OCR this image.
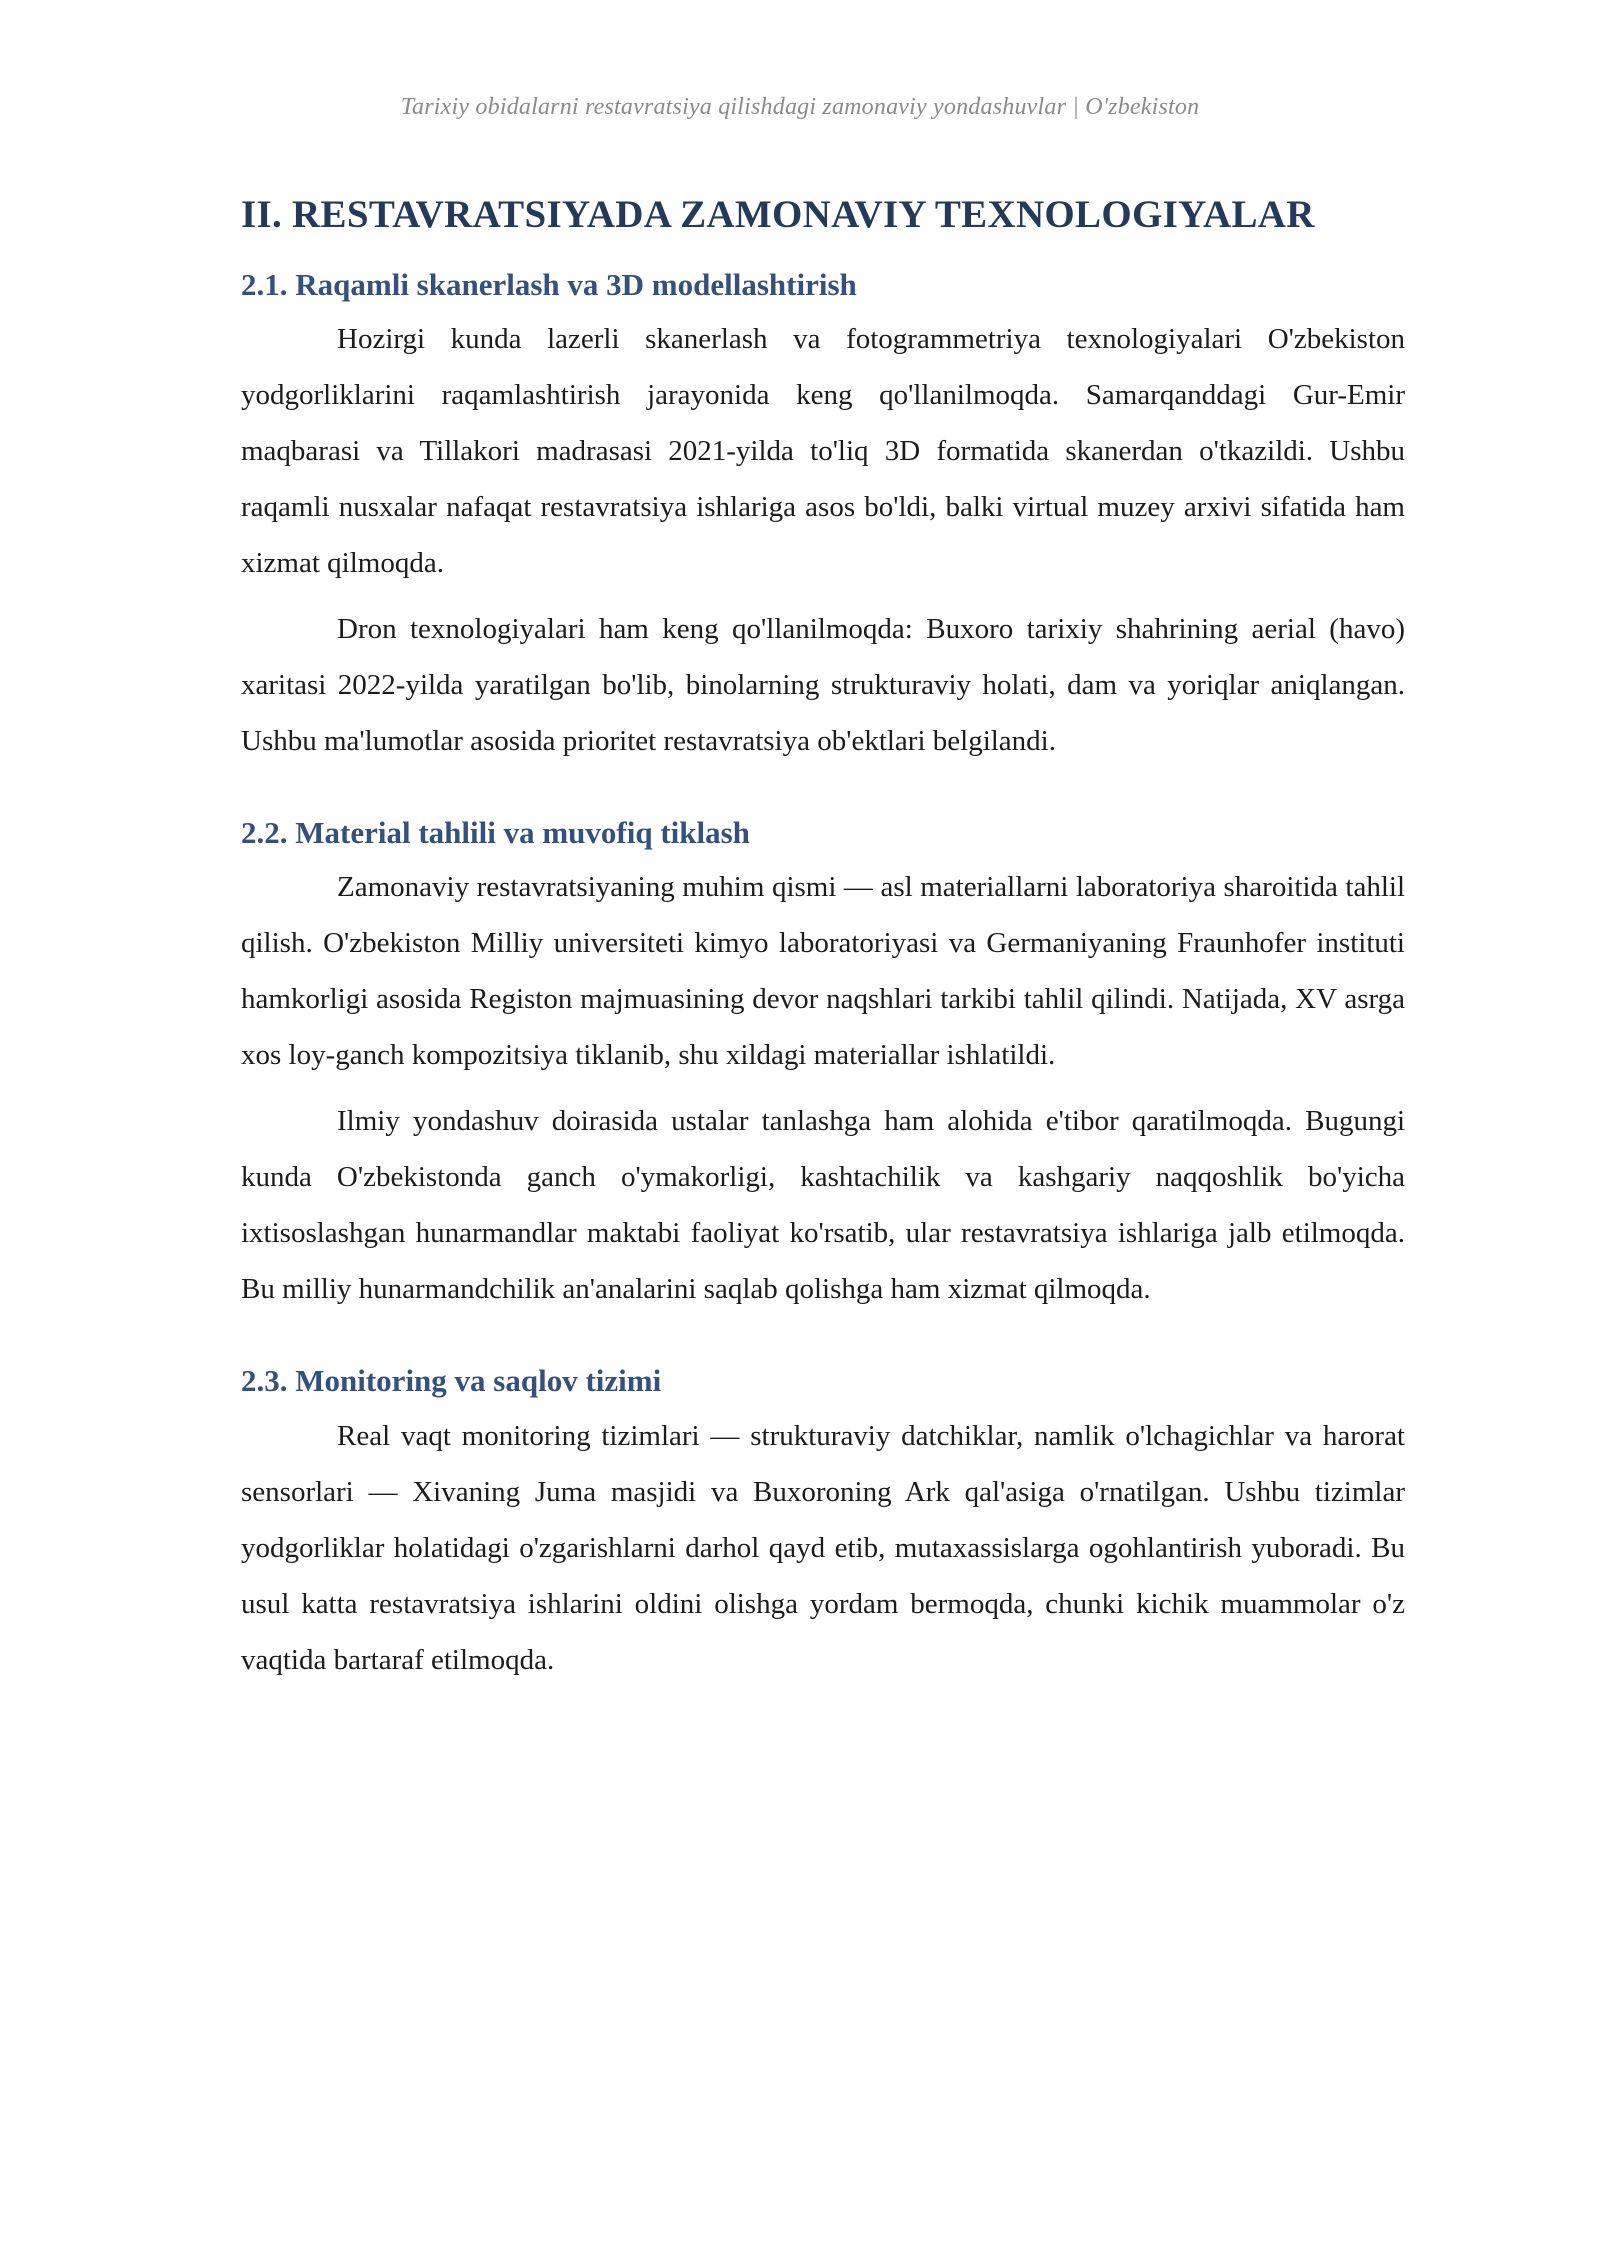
Tarixiy obidalarni restavratsiya qilishdagi zamonaviy yondashuvlar | O'zbekiston
II. RESTAVRATSIYADA ZAMONAVIY TEXNOLOGIYALAR
2.1. Raqamli skanerlash va 3D modellashtirish

Hozirgi kunda lazerli skanerlash va fotogrammetriya texnologiyalari O'zbekiston yodgorliklarini raqamlashtirish jarayonida keng qo'llanilmoqda. Samarqanddagi Gur-Emir maqbarasi va Tillakori madrasasi 2021-yilda to'liq 3D formatida skanerdan o'tkazildi. Ushbu raqamli nusxalar nafaqat restavratsiya ishlariga asos bo'ldi, balki virtual muzey arxivi sifatida ham xizmat qilmoqda.

Dron texnologiyalari ham keng qo'llanilmoqda: Buxoro tarixiy shahrining aerial (havo) xaritasi 2022-yilda yaratilgan bo'lib, binolarning strukturaviy holati, dam va yoriqlar aniqlangan. Ushbu ma'lumotlar asosida prioritet restavratsiya ob'ektlari belgilandi.

2.2. Material tahlili va muvofiq tiklash

Zamonaviy restavratsiyaning muhim qismi — asl materiallarni laboratoriya sharoitida tahlil qilish. O'zbekiston Milliy universiteti kimyo laboratoriyasi va Germaniyaning Fraunhofer instituti hamkorligi asosida Registon majmuasining devor naqshlari tarkibi tahlil qilindi. Natijada, XV asrga xos loy-ganch kompozitsiya tiklanib, shu xildagi materiallar ishlatildi.

Ilmiy yondashuv doirasida ustalar tanlashga ham alohida e'tibor qaratilmoqda. Bugungi kunda O'zbekistonda ganch o'ymakorligi, kashtachilik va kashgariy naqqoshlik bo'yicha ixtisoslashgan hunarmandlar maktabi faoliyat ko'rsatib, ular restavratsiya ishlariga jalb etilmoqda. Bu milliy hunarmandchilik an'analarini saqlab qolishga ham xizmat qilmoqda.

2.3. Monitoring va saqlov tizimi

Real vaqt monitoring tizimlari — strukturaviy datchiklar, namlik o'lchagichlar va harorat sensorlari — Xivaning Juma masjidi va Buxoroning Ark qal'asiga o'rnatilgan. Ushbu tizimlar yodgorliklar holatidagi o'zgarishlarni darhol qayd etib, mutaxassislarga ogohlantirish yuboradi. Bu usul katta restavratsiya ishlarini oldini olishga yordam bermoqda, chunki kichik muammolar o'z vaqtida bartaraf etilmoqda.
